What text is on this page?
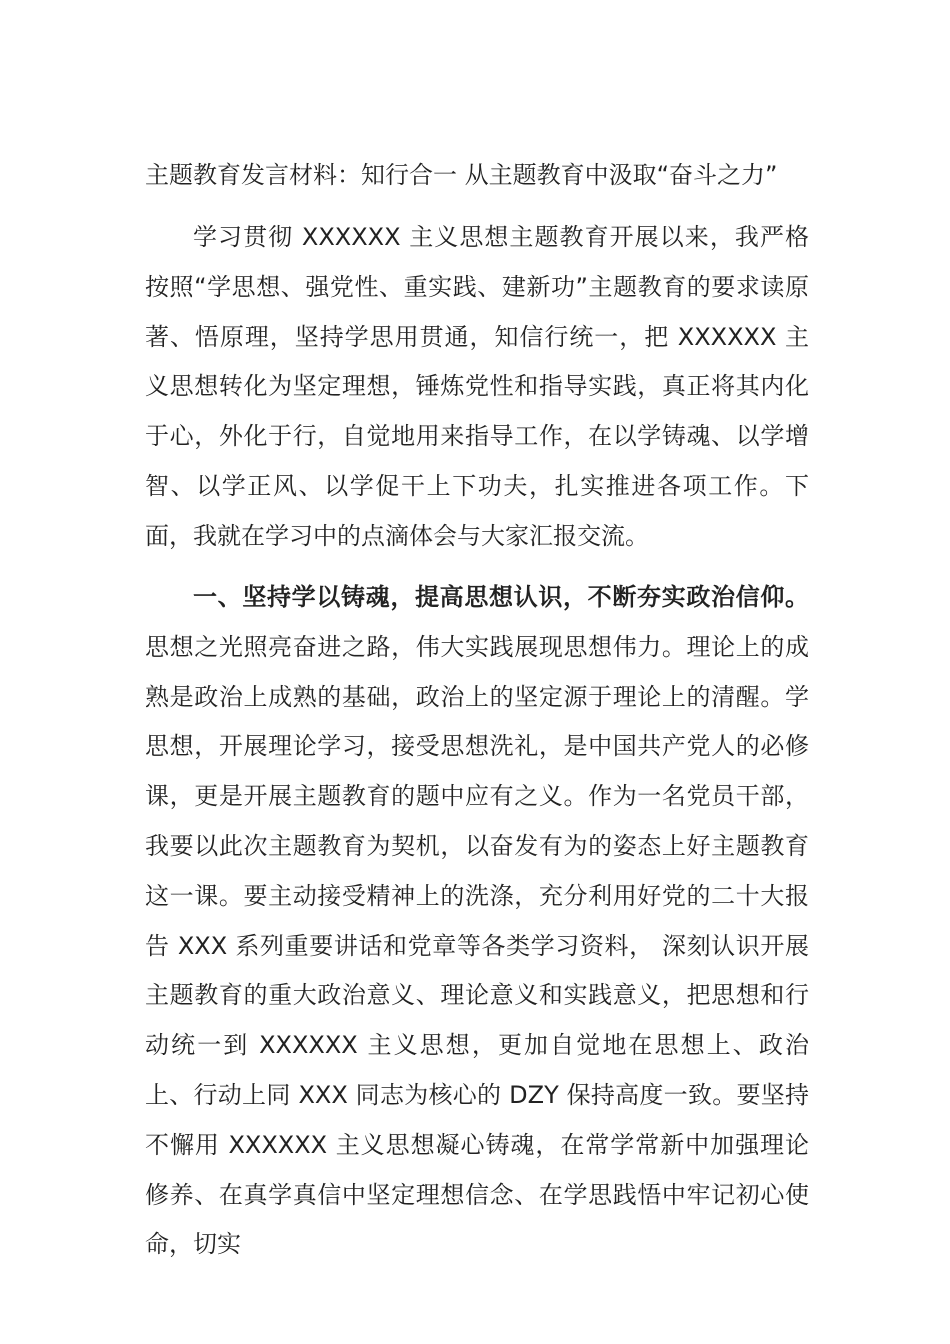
主题教育发言材料：知行合一 从主题教育中汲取“奋斗之力”

学习贯彻 XXXXXX 主义思想主题教育开展以来，我严格按照“学思想、强党性、重实践、建新功”主题教育的要求读原著、悟原理，坚持学思用贯通，知信行统一，把 XXXXXX 主义思想转化为坚定理想，锤炼党性和指导实践，真正将其内化于心，外化于行，自觉地用来指导工作，在以学铸魂、以学增智、以学正风、以学促干上下功夫，扎实推进各项工作。下面，我就在学习中的点滴体会与大家汇报交流。

一、坚持学以铸魂，提高思想认识，不断夯实政治信仰。思想之光照亮奋进之路，伟大实践展现思想伟力。理论上的成熟是政治上成熟的基础，政治上的坚定源于理论上的清醒。学思想，开展理论学习，接受思想洗礼，是中国共产党人的必修课，更是开展主题教育的题中应有之义。作为一名党员干部，我要以此次主题教育为契机，以奋发有为的姿态上好主题教育这一课。要主动接受精神上的洗涤，充分利用好党的二十大报告 XXX 系列重要讲话和党章等各类学习资料， 深刻认识开展主题教育的重大政治意义、理论意义和实践意义，把思想和行动统一到 XXXXXX 主义思想，更加自觉地在思想上、政治上、行动上同 XXX 同志为核心的 DZY 保持高度一致。要坚持不懈用 XXXXXX 主义思想凝心铸魂，在常学常新中加强理论修养、在真学真信中坚定理想信念、在学思践悟中牢记初心使命，切实
